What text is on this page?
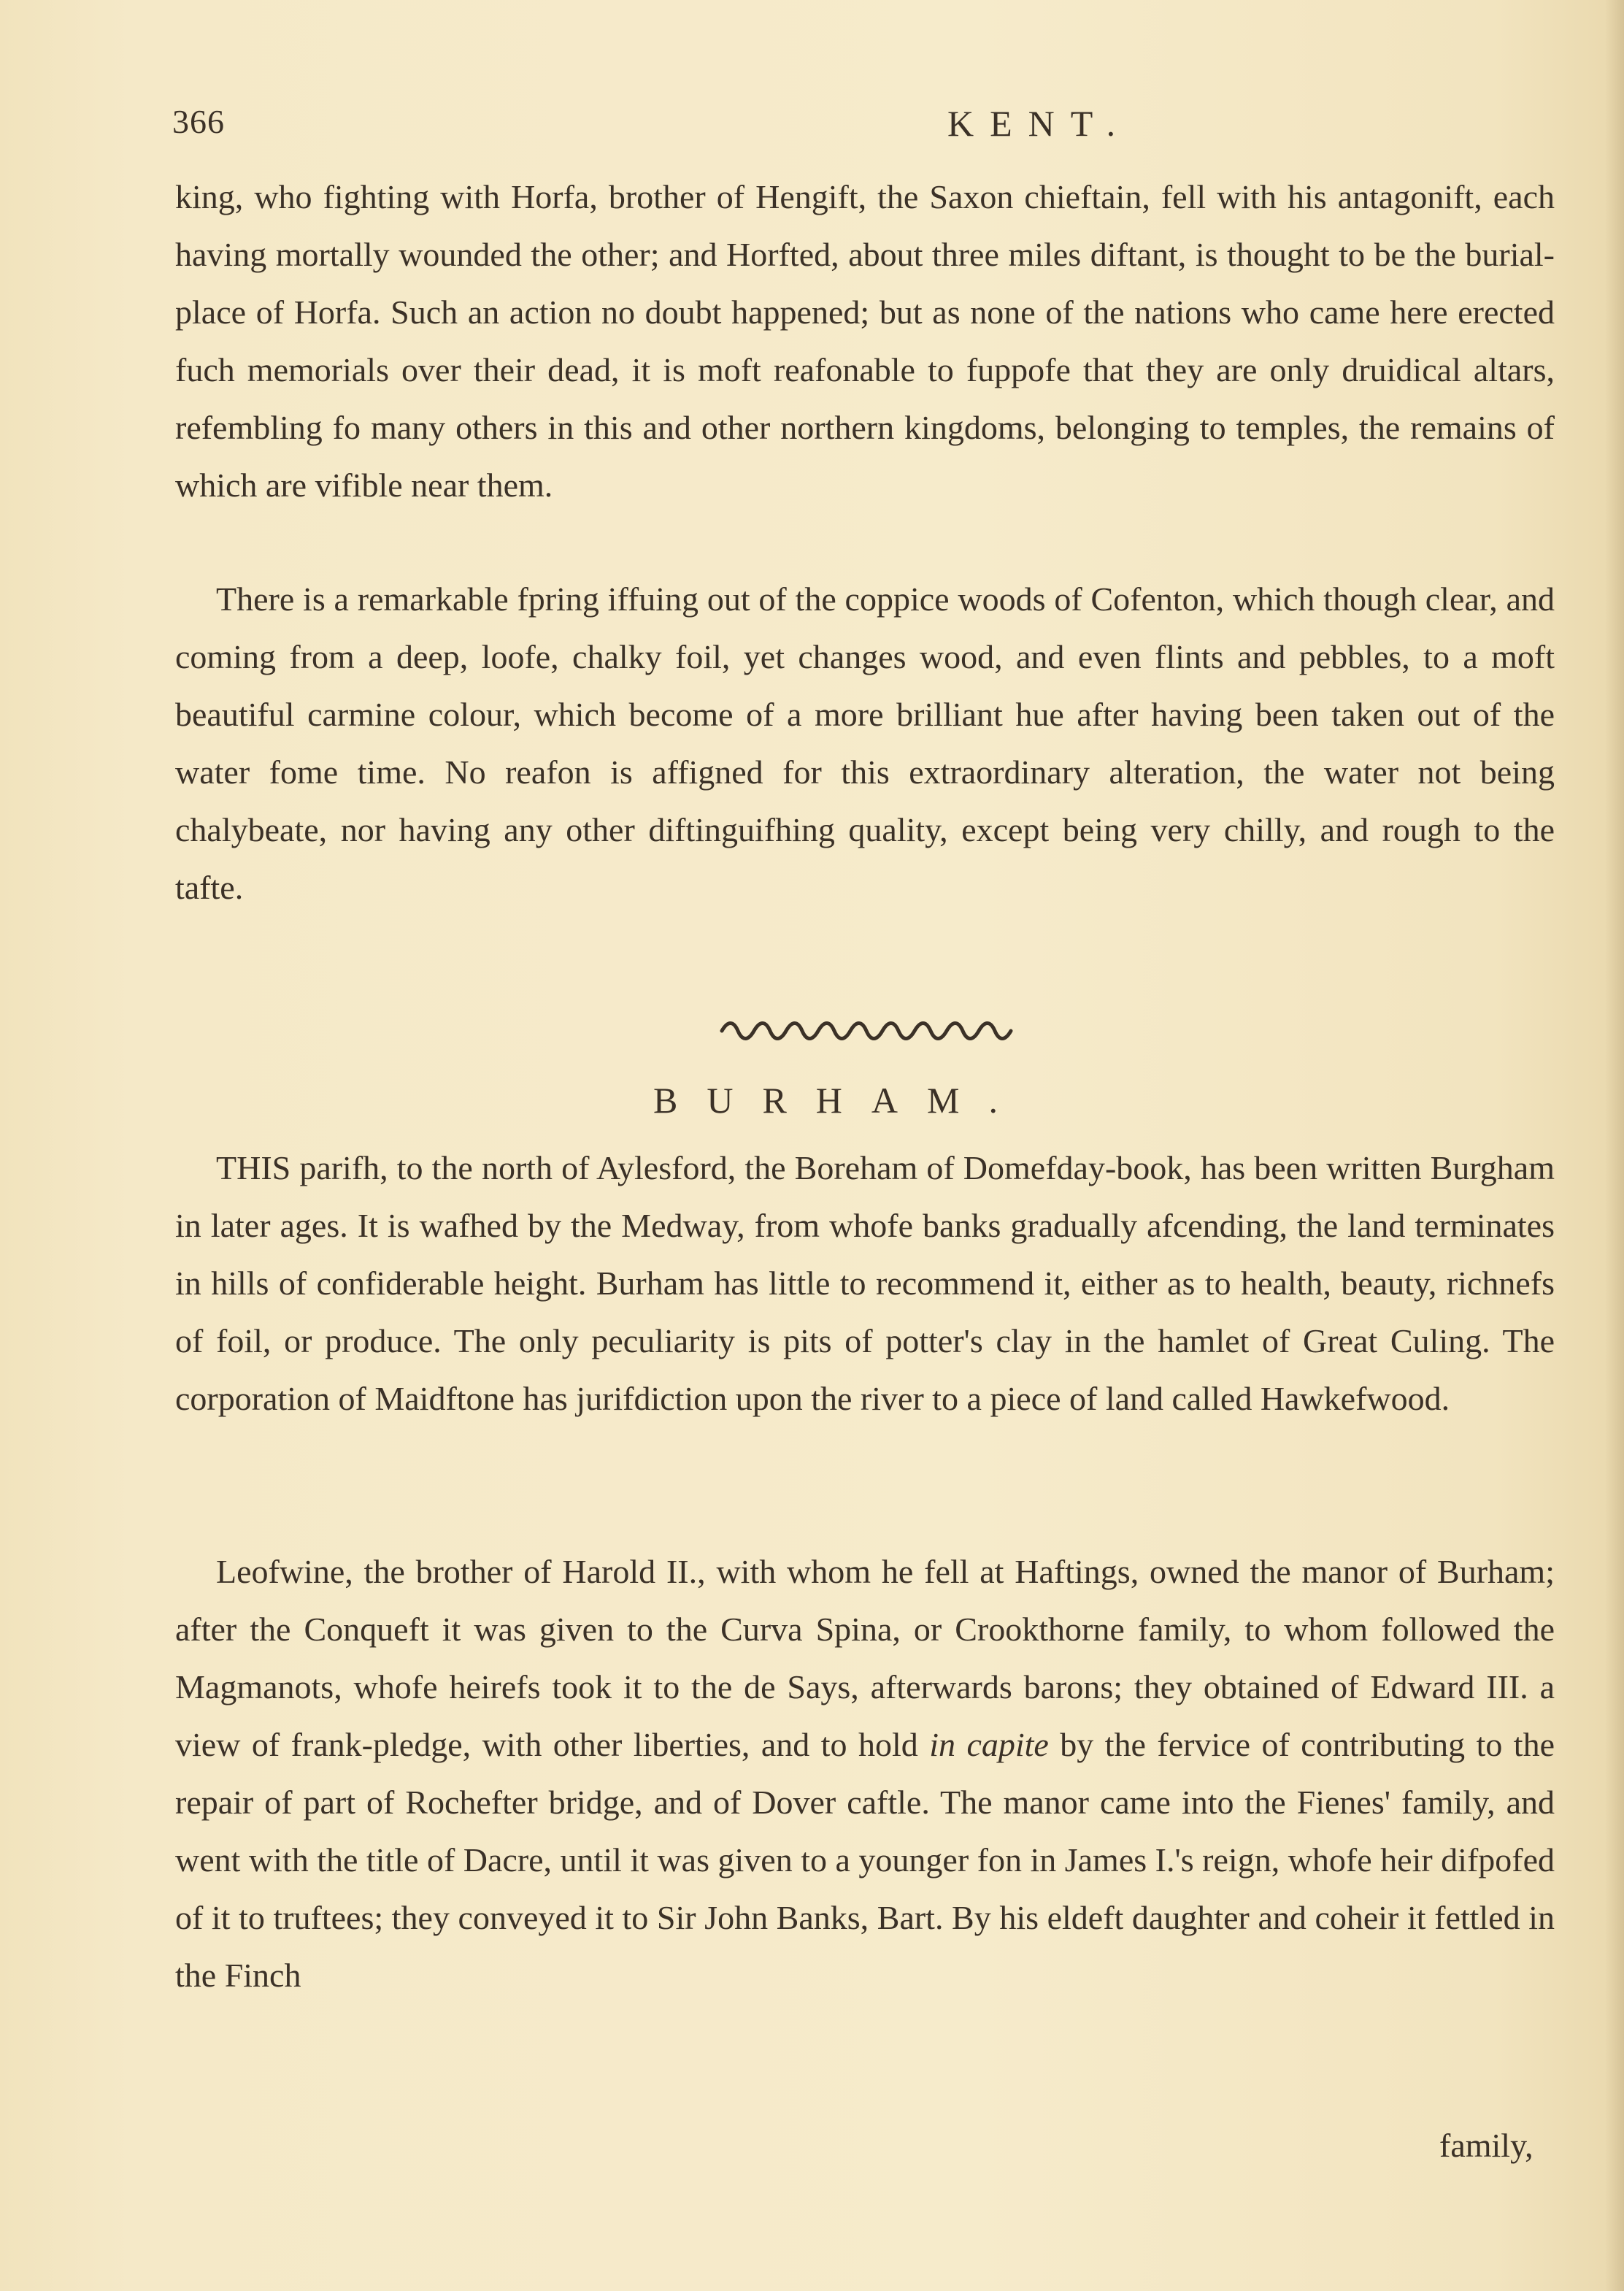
366	KENT.

king, who fighting with Horfa, brother of Hengift, the Saxon chieftain, fell with his antagonift, each having mortally wounded the other; and Horfted, about three miles diftant, is thought to be the burial-place of Horfa. Such an action no doubt happened; but as none of the nations who came here erected fuch memorials over their dead, it is moft reafonable to fuppofe that they are only druidical altars, refembling fo many others in this and other northern kingdoms, belonging to temples, the remains of which are vifible near them.

There is a remarkable fpring iffuing out of the coppice woods of Cofenton, which though clear, and coming from a deep, loofe, chalky foil, yet changes wood, and even flints and pebbles, to a moft beautiful carmine colour, which become of a more brilliant hue after having been taken out of the water fome time. No reafon is affigned for this extraordinary alteration, the water not being chalybeate, nor having any other diftinguifhing quality, except being very chilly, and rough to the tafte.

BURHAM.

THIS parifh, to the north of Aylesford, the Boreham of Domefday-book, has been written Burgham in later ages. It is wafhed by the Medway, from whofe banks gradually afcending, the land terminates in hills of confiderable height. Burham has little to recommend it, either as to health, beauty, richnefs of foil, or produce. The only peculiarity is pits of potter's clay in the hamlet of Great Culing. The corporation of Maidftone has jurifdiction upon the river to a piece of land called Hawkefwood.

Leofwine, the brother of Harold II., with whom he fell at Haftings, owned the manor of Burham; after the Conqueft it was given to the Curva Spina, or Crookthorne family, to whom followed the Magmanots, whofe heirefs took it to the de Says, afterwards barons; they obtained of Edward III. a view of frank-pledge, with other liberties, and to hold in capite by the fervice of contributing to the repair of part of Rochefter bridge, and of Dover caftle. The manor came into the Fienes' family, and went with the title of Dacre, until it was given to a younger fon in James I.'s reign, whofe heir difpofed of it to truftees; they conveyed it to Sir John Banks, Bart. By his eldeft daughter and coheir it fettled in the Finch

family,
